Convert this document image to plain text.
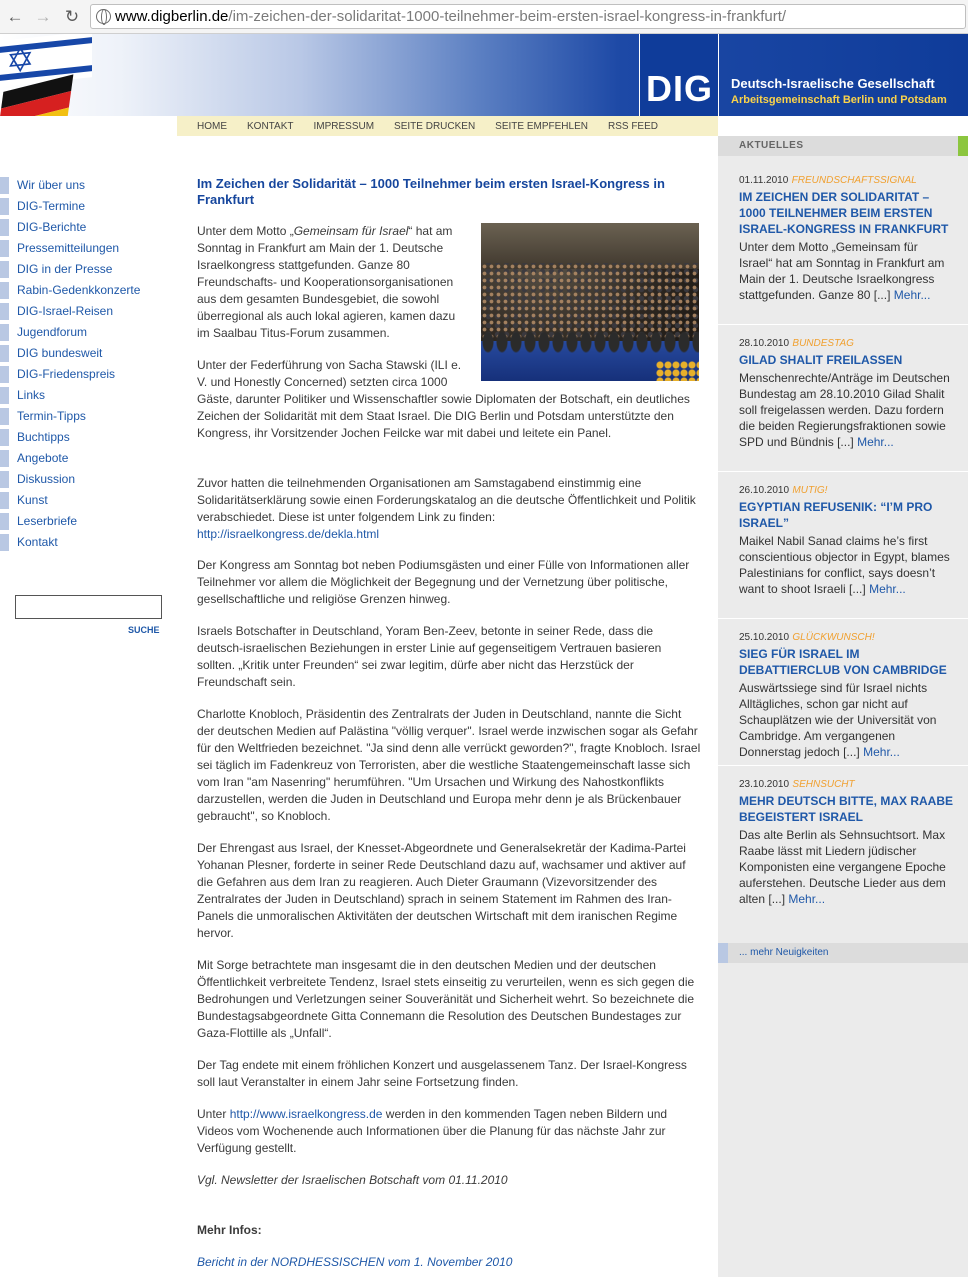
← → ↻	www.digberlin.de/im-zeichen-der-solidaritat-1000-teilnehmer-beim-ersten-israel-kongress-in-frankfurt/
✡
DIG Deutsch-Israelische Gesellschaft
Arbeitsgemeinschaft Berlin und Potsdam
HOME	KONTAKT	IMPRESSUM	SEITE DRUCKEN	SEITE EMPFEHLEN	RSS FEED
Wir über uns
DIG-Termine
DIG-Berichte
Pressemitteilungen
DIG in der Presse
Rabin-Gedenkkonzerte
DIG-Israel-Reisen
Jugendforum
DIG bundesweit
DIG-Friedenspreis
Links
Termin-Tipps
Buchtipps
Angebote
Diskussion
Kunst
Leserbriefe
Kontakt
SUCHE
Im Zeichen der Solidarität – 1000 Teilnehmer beim ersten Israel-Kongress in Frankfurt
Unter dem Motto „Gemeinsam für Israel“ hat am Sonntag in Frankfurt am Main der 1. Deutsche Israelkongress stattgefunden. Ganze 80 Freundschafts- und Kooperationsorganisationen aus dem gesamten Bundesgebiet, die sowohl überregional als auch lokal agieren, kamen dazu im Saalbau Titus-Forum zusammen.
Unter der Federführung von Sacha Stawski (ILI e. V. und Honestly Concerned) setzten circa 1000
Gäste, darunter Politiker und Wissenschaftler sowie Diplomaten der Botschaft, ein deutliches Zeichen der Solidarität mit dem Staat Israel. Die DIG Berlin und Potsdam unterstützte den Kongress, ihr Vorsitzender Jochen Feilcke war mit dabei und leitete ein Panel.
Zuvor hatten die teilnehmenden Organisationen am Samstagabend einstimmig eine Solidaritätserklärung sowie einen Forderungskatalog an die deutsche Öffentlichkeit und Politik verabschiedet. Diese ist unter folgendem Link zu finden:
http://israelkongress.de/dekla.html
Der Kongress am Sonntag bot neben Podiumsgästen und einer Fülle von Informationen aller Teilnehmer vor allem die Möglichkeit der Begegnung und der Vernetzung über politische, gesellschaftliche und religiöse Grenzen hinweg.
Israels Botschafter in Deutschland, Yoram Ben-Zeev, betonte in seiner Rede, dass die deutsch-israelischen Beziehungen in erster Linie auf gegenseitigem Vertrauen basieren sollten. „Kritik unter Freunden“ sei zwar legitim, dürfe aber nicht das Herzstück der Freundschaft sein.
Charlotte Knobloch, Präsidentin des Zentralrats der Juden in Deutschland, nannte die Sicht der deutschen Medien auf Palästina "völlig verquer". Israel werde inzwischen sogar als Gefahr für den Weltfrieden bezeichnet. "Ja sind denn alle verrückt geworden?", fragte Knobloch. Israel sei täglich im Fadenkreuz von Terroristen, aber die westliche Staatengemeinschaft lasse sich vom Iran "am Nasenring" herumführen. "Um Ursachen und Wirkung des Nahostkonflikts darzustellen, werden die Juden in Deutschland und Europa mehr denn je als Brückenbauer gebraucht", so Knobloch.
Der Ehrengast aus Israel, der Knesset-Abgeordnete und Generalsekretär der Kadima-Partei Yohanan Plesner, forderte in seiner Rede Deutschland dazu auf, wachsamer und aktiver auf die Gefahren aus dem Iran zu reagieren. Auch Dieter Graumann (Vizevorsitzender des Zentralrates der Juden in Deutschland) sprach in seinem Statement im Rahmen des Iran-Panels die unmoralischen Aktivitäten der deutschen Wirtschaft mit dem iranischen Regime hervor.
Mit Sorge betrachtete man insgesamt die in den deutschen Medien und der deutschen Öffentlichkeit verbreitete Tendenz, Israel stets einseitig zu verurteilen, wenn es sich gegen die Bedrohungen und Verletzungen seiner Souveränität und Sicherheit wehrt. So bezeichnete die Bundestagsabgeordnete Gitta Connemann die Resolution des Deutschen Bundestages zur Gaza-Flottille als „Unfall“.
Der Tag endete mit einem fröhlichen Konzert und ausgelassenem Tanz. Der Israel-Kongress soll laut Veranstalter in einem Jahr seine Fortsetzung finden.
Unter http://www.israelkongress.de werden in den kommenden Tagen neben Bildern und Videos vom Wochenende auch Informationen über die Planung für das nächste Jahr zur Verfügung gestellt.
Vgl. Newsletter der Israelischen Botschaft vom 01.11.2010
Mehr Infos:
Bericht in der NORDHESSISCHEN vom 1. November 2010
AKTUELLES
01.11.2010 FREUNDSCHAFTSSIGNAL
IM ZEICHEN DER SOLIDARITAT – 1000 TEILNEHMER BEIM ERSTEN ISRAEL-KONGRESS IN FRANKFURT
Unter dem Motto „Gemeinsam für Israel“ hat am Sonntag in Frankfurt am Main der 1. Deutsche Israelkongress stattgefunden. Ganze 80 [...] Mehr...
28.10.2010 BUNDESTAG
GILAD SHALIT FREILASSEN
Menschenrechte/Anträge im Deutschen Bundestag am 28.10.2010 Gilad Shalit soll freigelassen werden. Dazu fordern die beiden Regierungsfraktionen sowie SPD und Bündnis [...] Mehr...
26.10.2010 MUTIG!
EGYPTIAN REFUSENIK: “I’M PRO ISRAEL”
Maikel Nabil Sanad claims he’s first conscientious objector in Egypt, blames Palestinians for conflict, says doesn’t want to shoot Israeli [...] Mehr...
25.10.2010 GLÜCKWUNSCH!
SIEG FÜR ISRAEL IM DEBATTIERCLUB VON CAMBRIDGE
Auswärtssiege sind für Israel nichts Alltägliches, schon gar nicht auf Schauplätzen wie der Universität von Cambridge. Am vergangenen Donnerstag jedoch [...] Mehr...
23.10.2010 SEHNSUCHT
MEHR DEUTSCH BITTE, MAX RAABE BEGEISTERT ISRAEL
Das alte Berlin als Sehnsuchtsort. Max Raabe lässt mit Liedern jüdischer Komponisten eine vergangene Epoche auferstehen. Deutsche Lieder aus dem alten [...] Mehr...
... mehr Neuigkeiten
